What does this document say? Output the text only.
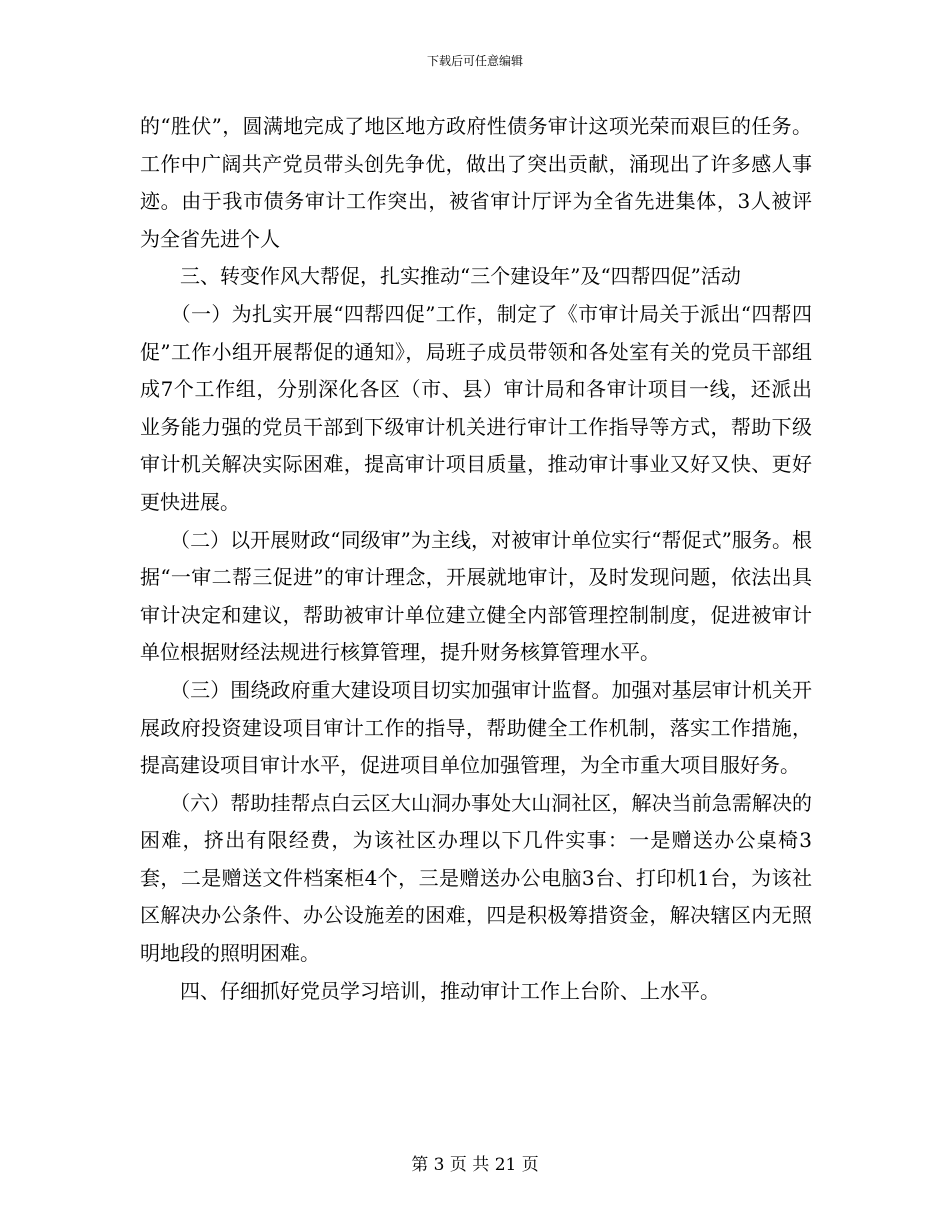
下载后可任意编辑

的“胜伏”，圆满地完成了地区地方政府性债务审计这项光荣而艰巨的任务。工作中广阔共产党员带头创先争优，做出了突出贡献，涌现出了许多感人事迹。由于我市债务审计工作突出，被省审计厅评为全省先进集体，3人被评为全省先进个人

　　三、转变作风大帮促，扎实推动“三个建设年”及“四帮四促”活动

　　（一）为扎实开展“四帮四促”工作，制定了《市审计局关于派出“四帮四促”工作小组开展帮促的通知》，局班子成员带领和各处室有关的党员干部组成7个工作组，分别深化各区（市、县）审计局和各审计项目一线，还派出业务能力强的党员干部到下级审计机关进行审计工作指导等方式，帮助下级审计机关解决实际困难，提高审计项目质量，推动审计事业又好又快、更好更快进展。

　　（二）以开展财政“同级审”为主线，对被审计单位实行“帮促式”服务。根据“一审二帮三促进”的审计理念，开展就地审计，及时发现问题，依法出具审计决定和建议，帮助被审计单位建立健全内部管理控制制度，促进被审计单位根据财经法规进行核算管理，提升财务核算管理水平。

　　（三）围绕政府重大建设项目切实加强审计监督。加强对基层审计机关开展政府投资建设项目审计工作的指导，帮助健全工作机制，落实工作措施，提高建设项目审计水平，促进项目单位加强管理，为全市重大项目服好务。

　　（六）帮助挂帮点白云区大山洞办事处大山洞社区，解决当前急需解决的困难，挤出有限经费，为该社区办理以下几件实事：一是赠送办公桌椅3套，二是赠送文件档案柜4个，三是赠送办公电脑3台、打印机1台，为该社区解决办公条件、办公设施差的困难，四是积极筹措资金，解决辖区内无照明地段的照明困难。

　　四、仔细抓好党员学习培训，推动审计工作上台阶、上水平。

第 3 页 共 21 页
